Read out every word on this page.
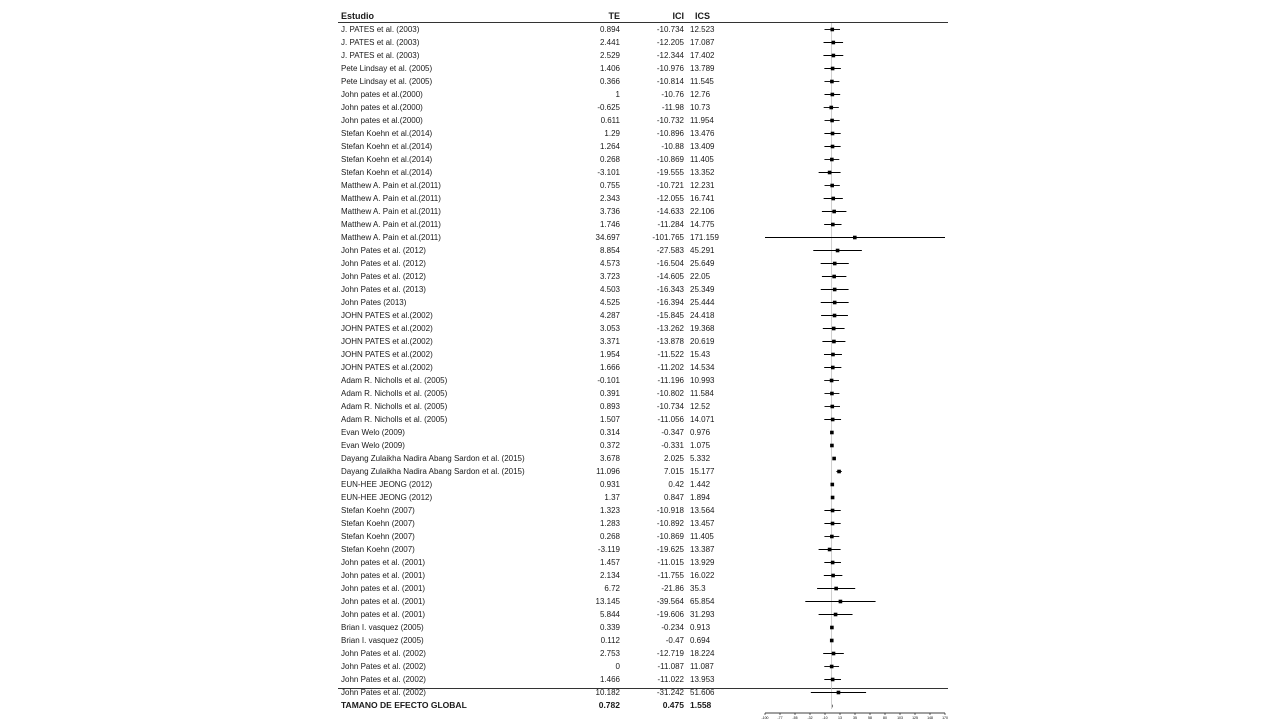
Estudio	TE	ICI	ICS
J. PATES et al. (2003)	0.894	-10.734 12.523
J. PATES et al. (2003)	2.441	-12.205 17.087
J. PATES et al. (2003)	2.529	-12.344 17.402
Pete Lindsay et al. (2005)	1.406	-10.976 13.789
Pete Lindsay et al. (2005)	0.366	-10.814 11.545
John pates et al.(2000)	1	-10.76 12.76
John pates et al.(2000)	-0.625	-11.98 10.73
John pates et al.(2000)	0.611	-10.732 11.954
Stefan Koehn et al.(2014)	1.29	-10.896 13.476
Stefan Koehn et al.(2014)	1.264	-10.88 13.409
Stefan Koehn et al.(2014)	0.268	-10.869 11.405
Stefan Koehn et al.(2014)	-3.101	-19.555 13.352
Matthew A. Pain et al.(2011)	0.755	-10.721 12.231
Matthew A. Pain et al.(2011)	2.343	-12.055 16.741
Matthew A. Pain et al.(2011)	3.736	-14.633 22.106
Matthew A. Pain et al.(2011)	1.746	-11.284 14.775
Matthew A. Pain et al.(2011)	34.697	-101.765 171.159
John Pates et al. (2012)	8.854	-27.583 45.291
John Pates et al. (2012)	4.573	-16.504 25.649
John Pates et al. (2012)	3.723	-14.605 22.05
John Pates et al. (2013)	4.503	-16.343 25.349
John Pates (2013)	4.525	-16.394 25.444
JOHN PATES et al.(2002)	4.287	-15.845 24.418
JOHN PATES et al.(2002)	3.053	-13.262 19.368
JOHN PATES et al.(2002)	3.371	-13.878 20.619
JOHN PATES et al.(2002)	1.954	-11.522 15.43
JOHN PATES et al.(2002)	1.666	-11.202 14.534
Adam R. Nicholls et al. (2005)	-0.101	-11.196 10.993
Adam R. Nicholls et al. (2005)	0.391	-10.802 11.584
Adam R. Nicholls et al. (2005)	0.893	-10.734 12.52
Adam R. Nicholls et al. (2005)	1.507	-11.056 14.071
Evan Welo (2009)	0.314	-0.347 0.976
Evan Welo (2009)	0.372	-0.331 1.075
Dayang Zulaikha Nadira Abang Sardon et al. (2015)	3.678	2.025 5.332
Dayang Zulaikha Nadira Abang Sardon et al. (2015)	11.096	7.015 15.177
EUN-HEE JEONG (2012)	0.931	0.42 1.442
EUN-HEE JEONG (2012)	1.37	0.847 1.894
Stefan Koehn (2007)	1.323	-10.918 13.564
Stefan Koehn (2007)	1.283	-10.892 13.457
Stefan Koehn (2007)	0.268	-10.869 11.405
Stefan Koehn (2007)	-3.119	-19.625 13.387
John pates et al. (2001)	1.457	-11.015 13.929
John pates et al. (2001)	2.134	-11.755 16.022
John pates et al. (2001)	6.72	-21.86 35.3
John pates et al. (2001)	13.145	-39.564 65.854
John pates et al. (2001)	5.844	-19.606 31.293
Brian I. vasquez (2005)	0.339	-0.234 0.913
Brian I. vasquez (2005)	0.112	-0.47 0.694
John Pates et al. (2002)	2.753	-12.719 18.224
John Pates et al. (2002)	0	-11.087 11.087
John Pates et al. (2002)	1.466	-11.022 13.953
John Pates et al. (2002)	10.182	-31.242 51.606
TAMANO DE EFECTO GLOBAL	0.782	0.475 1.558
-100	-77	-55	-32	-10	13	35	58	80	103	125	148	170
